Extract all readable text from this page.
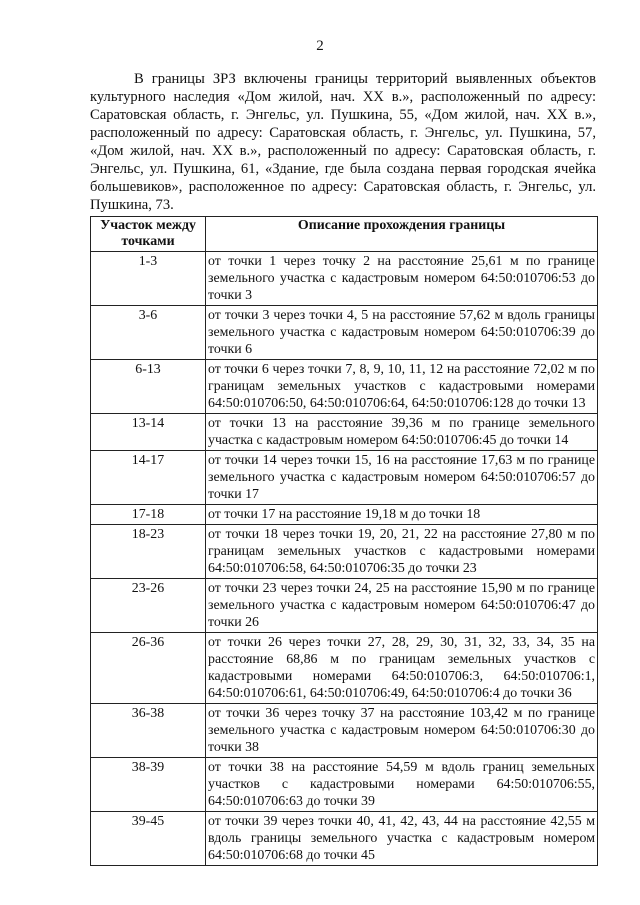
2

В границы ЗРЗ включены границы территорий выявленных объектов культурного наследия «Дом жилой, нач. XX в.», расположенный по адресу: Саратовская область, г. Энгельс, ул. Пушкина, 55, «Дом жилой, нач. XX в.», расположенный по адресу: Саратовская область, г. Энгельс, ул. Пушкина, 57, «Дом жилой, нач. XX в.», расположенный по адресу: Саратовская область, г. Энгельс, ул. Пушкина, 61, «Здание, где была создана первая городская ячейка большевиков», расположенное по адресу: Саратовская область, г. Энгельс, ул. Пушкина, 73.

Участок между точками	Описание прохождения границы
1-3	от точки 1 через точку 2 на расстояние 25,61 м по границе земельного участка с кадастровым номером 64:50:010706:53 до точки 3
3-6	от точки 3 через точки 4, 5 на расстояние 57,62 м вдоль границы земельного участка с кадастровым номером 64:50:010706:39 до точки 6
6-13	от точки 6 через точки 7, 8, 9, 10, 11, 12 на расстояние 72,02 м по границам земельных участков с кадастровыми номерами 64:50:010706:50, 64:50:010706:64, 64:50:010706:128 до точки 13
13-14	от точки 13 на расстояние 39,36 м по границе земельного участка с кадастровым номером 64:50:010706:45 до точки 14
14-17	от точки 14 через точки 15, 16 на расстояние 17,63 м по границе земельного участка с кадастровым номером 64:50:010706:57 до точки 17
17-18	от точки 17 на расстояние 19,18 м до точки 18
18-23	от точки 18 через точки 19, 20, 21, 22 на расстояние 27,80 м по границам земельных участков с кадастровыми номерами 64:50:010706:58, 64:50:010706:35 до точки 23
23-26	от точки 23 через точки 24, 25 на расстояние 15,90 м по границе земельного участка с кадастровым номером 64:50:010706:47 до точки 26
26-36	от точки 26 через точки 27, 28, 29, 30, 31, 32, 33, 34, 35 на расстояние 68,86 м по границам земельных участков с кадастровыми номерами 64:50:010706:3, 64:50:010706:1, 64:50:010706:61, 64:50:010706:49, 64:50:010706:4 до точки 36
36-38	от точки 36 через точку 37 на расстояние 103,42 м по границе земельного участка с кадастровым номером 64:50:010706:30 до точки 38
38-39	от точки 38 на расстояние 54,59 м вдоль границ земельных участков с кадастровыми номерами 64:50:010706:55, 64:50:010706:63 до точки 39
39-45	от точки 39 через точки 40, 41, 42, 43, 44 на расстояние 42,55 м вдоль границы земельного участка с кадастровым номером 64:50:010706:68 до точки 45
